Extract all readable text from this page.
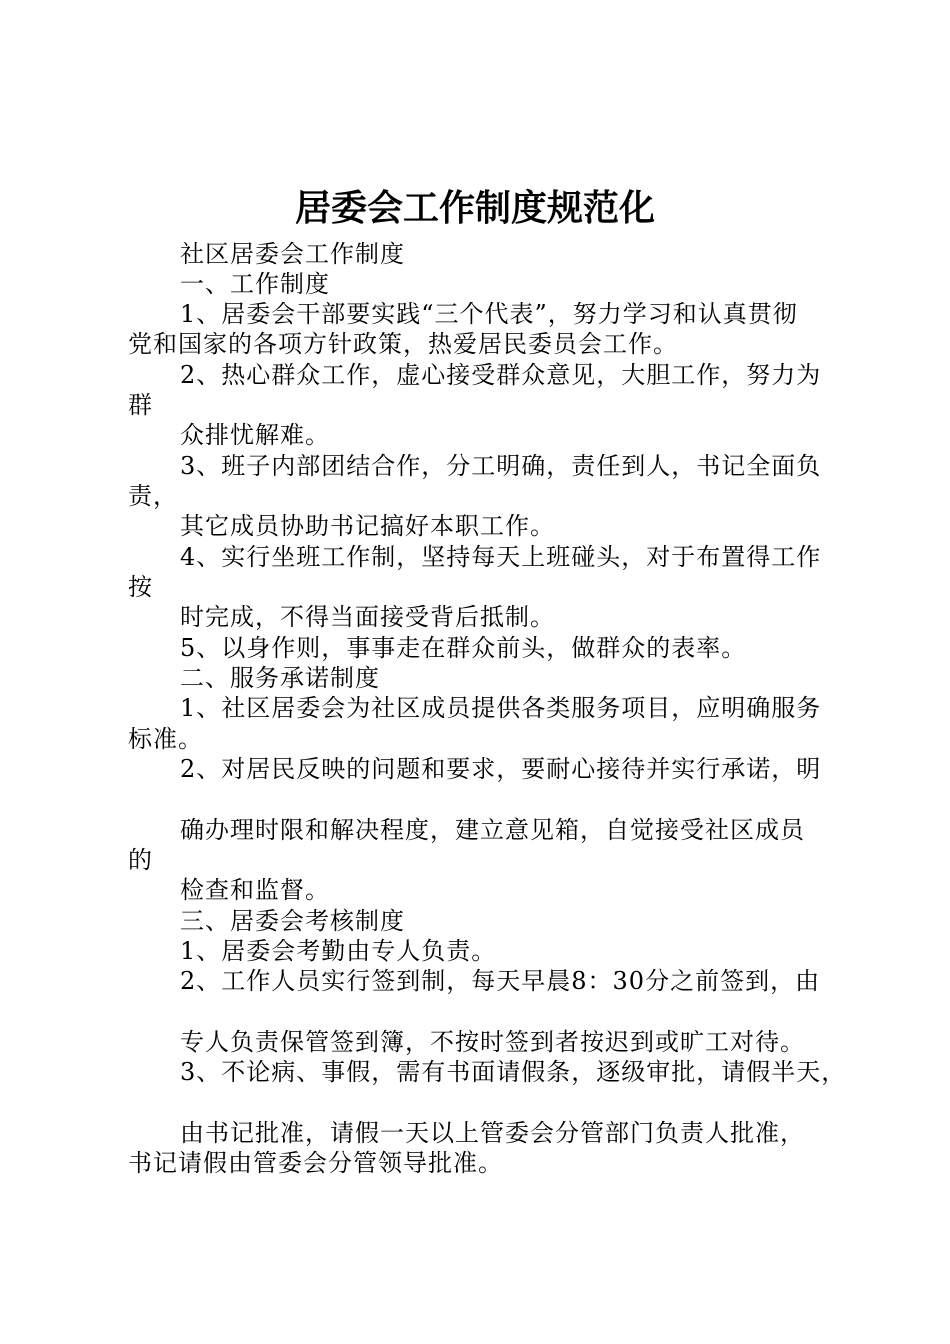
居委会工作制度规范化
社区居委会工作制度
一、工作制度
1、居委会干部要实践“三个代表”，努力学习和认真贯彻
党和国家的各项方针政策，热爱居民委员会工作。
2、热心群众工作，虚心接受群众意见，大胆工作，努力为
群
众排忧解难。
3、班子内部团结合作，分工明确，责任到人，书记全面负
责，
其它成员协助书记搞好本职工作。
4、实行坐班工作制，坚持每天上班碰头，对于布置得工作
按
时完成，不得当面接受背后抵制。
5、以身作则，事事走在群众前头，做群众的表率。
二、服务承诺制度
1、社区居委会为社区成员提供各类服务项目，应明确服务
标准。
2、对居民反映的问题和要求，要耐心接待并实行承诺，明
确办理时限和解决程度，建立意见箱，自觉接受社区成员
的
检查和监督。
三、居委会考核制度
1、居委会考勤由专人负责。
2、工作人员实行签到制，每天早晨8：30分之前签到，由
专人负责保管签到簿，不按时签到者按迟到或旷工对待。
3、不论病、事假，需有书面请假条，逐级审批，请假半天，
由书记批准，请假一天以上管委会分管部门负责人批准，
书记请假由管委会分管领导批准。
